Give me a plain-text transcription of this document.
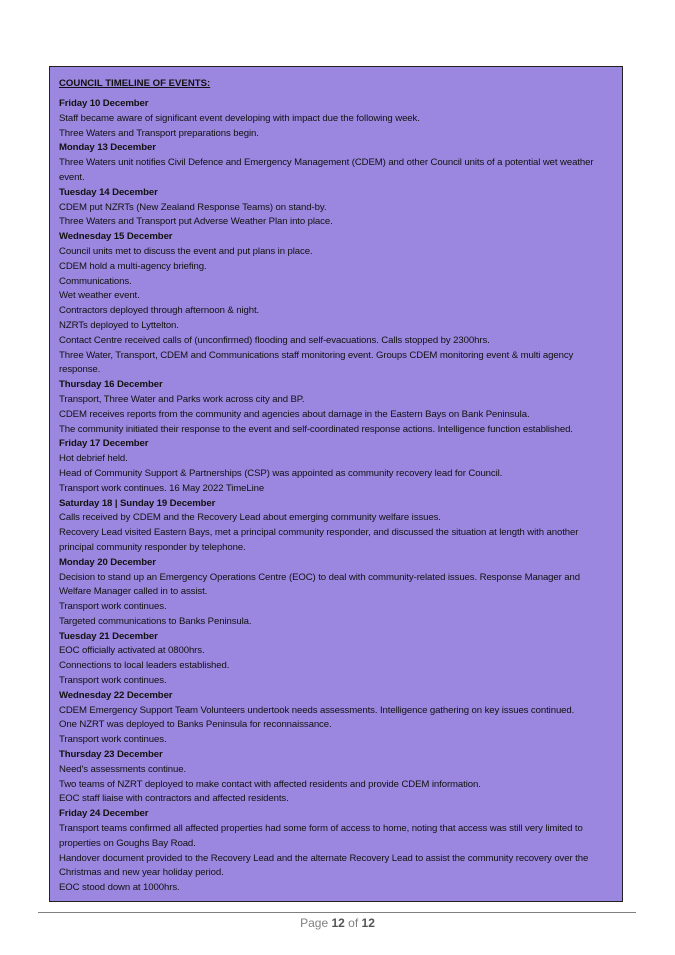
COUNCIL TIMELINE OF EVENTS:
Friday 10 December
Staff became aware of significant event developing with impact due the following week.
Three Waters and Transport preparations begin.
Monday 13 December
Three Waters unit notifies Civil Defence and Emergency Management (CDEM) and other Council units of a potential wet weather
event.
Tuesday 14 December
CDEM put NZRTs (New Zealand Response Teams) on stand-by.
Three Waters and Transport put Adverse Weather Plan into place.
Wednesday 15 December
Council units met to discuss the event and put plans in place.
CDEM hold a multi-agency briefing.
Communications.
Wet weather event.
Contractors deployed through afternoon & night.
NZRTs deployed to Lyttelton.
Contact Centre received calls of (unconfirmed) flooding and self-evacuations. Calls stopped by 2300hrs.
Three Water, Transport, CDEM and Communications staff monitoring event. Groups CDEM monitoring event & multi agency
response.
Thursday 16 December
Transport, Three Water and Parks work across city and BP.
CDEM receives reports from the community and agencies about damage in the Eastern Bays on Bank Peninsula.
The community initiated their response to the event and self-coordinated response actions. Intelligence function established.
Friday 17 December
Hot debrief held.
Head of Community Support & Partnerships (CSP) was appointed as community recovery lead for Council.
Transport work continues. 16 May 2022 TimeLine
Saturday 18 | Sunday 19 December
Calls received by CDEM and the Recovery Lead about emerging community welfare issues.
Recovery Lead visited Eastern Bays, met a principal community responder, and discussed the situation at length with another
principal community responder by telephone.
Monday 20 December
Decision to stand up an Emergency Operations Centre (EOC) to deal with community-related issues. Response Manager and
Welfare Manager called in to assist.
Transport work continues.
Targeted communications to Banks Peninsula.
Tuesday 21 December
EOC officially activated at 0800hrs.
Connections to local leaders established.
Transport work continues.
Wednesday 22 December
CDEM Emergency Support Team Volunteers undertook needs assessments. Intelligence gathering on key issues continued.
One NZRT was deployed to Banks Peninsula for reconnaissance.
Transport work continues.
Thursday 23 December
Need's assessments continue.
Two teams of NZRT deployed to make contact with affected residents and provide CDEM information.
EOC staff liaise with contractors and affected residents.
Friday 24 December
Transport teams confirmed all affected properties had some form of access to home, noting that access was still very limited to
properties on Goughs Bay Road.
Handover document provided to the Recovery Lead and the alternate Recovery Lead to assist the community recovery over the
Christmas and new year holiday period.
EOC stood down at 1000hrs.
Page 12 of 12
